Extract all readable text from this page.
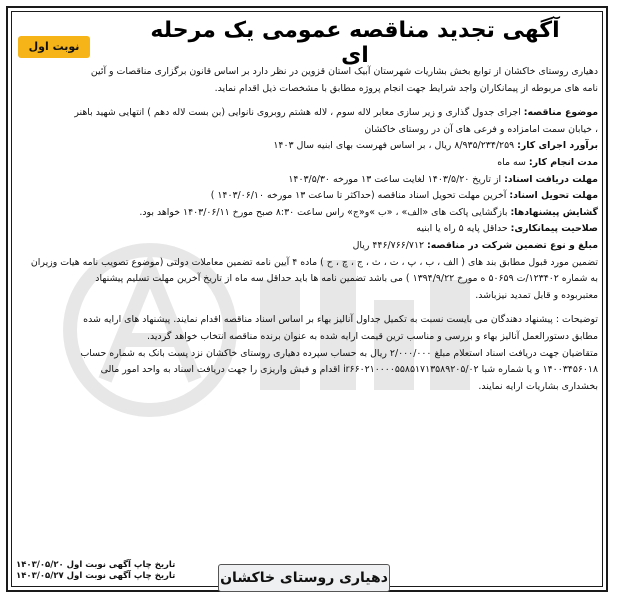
آگهی تجدید مناقصه عمومی یک مرحله ای
نوبت اول
دهیاری روستای خاکشان از توابع بخش بشاریات شهرستان آبیک استان قزوین در نظر دارد بر اساس قانون برگزاری مناقصات و آئین
نامه های مربوطه از پیمانکاران واجد شرایط جهت انجام پروژه مطابق با مشخصات ذیل اقدام نماید.
موضوع مناقصه: اجرای جدول گذاری و زیر سازی معابر لاله سوم ، لاله هشتم روبروی نانوایی (بن بست لاله دهم ) انتهایی شهید باهنر
، خیابان سمت امامزاده و فرعی های آن در روستای خاکشان
برآورد اجرای کار: ۸/۹۳۵/۲۳۴/۲۵۹ ریال ، بر اساس فهرست بهای ابنیه سال ۱۴۰۳
مدت انجام کار: سه ماه
مهلت دریافت اسناد: از تاریخ ۱۴۰۳/۵/۲۰ لغایت ساعت ۱۳ مورخه ۱۴۰۳/۵/۳۰
مهلت تحویل اسناد: آخرین مهلت تحویل اسناد مناقصه (حداکثر تا ساعت ۱۳ مورخه ۱۴۰۳/۰۶/۱۰ )
گشایش پیشنهادها: بازگشایی پاکت های «الف» ، «ب »و«ج» راس ساعت ۸:۳۰ صبح مورخ ۱۴۰۳/۰۶/۱۱ خواهد بود.
صلاحیت پیمانکاری: حداقل پایه ۵ راه یا ابنیه
مبلغ و نوع تضمین شرکت در مناقصه: ۴۴۶/۷۶۶/۷۱۲ ریال
تضمین مورد قبول مطابق بند های ( الف ، ب ، پ ، ت ، ث ، ج ، چ ، ح ) ماده ۴ آیین نامه تضمین معاملات دولتی (موضوع تصویب نامه هیات وزیران
به شماره ۱۲۳۴۰۲/ت ۵۰۶۵۹ ه مورخ ۱۳۹۴/۹/۲۲ ) می باشد تضمین نامه ها باید حداقل سه ماه از تاریخ آخرین مهلت تسلیم پیشنهاد
معتبربوده و قابل تمدید نیزباشد.
توضیحات : پیشنهاد دهندگان می بایست نسبت به تکمیل جداول آنالیز بهاء بر اساس اسناد مناقصه اقدام نمایند. پیشنهاد های ارایه شده
مطابق دستورالعمل آنالیز بهاء و بررسی و مناسب ترین قیمت ارایه شده به عنوان برنده مناقصه انتخاب خواهد گردید.
متقاضیان جهت دریافت اسناد استعلام مبلغ ۲/۰۰۰/۰۰۰ ریال به حساب سپرده دهیاری روستای خاکشان نزد پست بانک به شماره حساب
۱۴۰۰۳۴۵۶۰۱۸ و یا شماره شبا ir۶۶۰۲۱۰۰۰۰۵۵۸۵۱۷۱۳۵۸۹۲۰۵/۰۲ اقدام و فیش واریزی را جهت دریافت اسناد به واحد امور مالی
بخشداری بشاریات ارایه نمایند.
تاریخ چاپ آگهی نوبت اول ۱۴۰۳/۰۵/۲۰
تاریخ چاپ آگهی نوبت اول ۱۴۰۳/۰۵/۲۷	دهیاری روستای خاکشان
